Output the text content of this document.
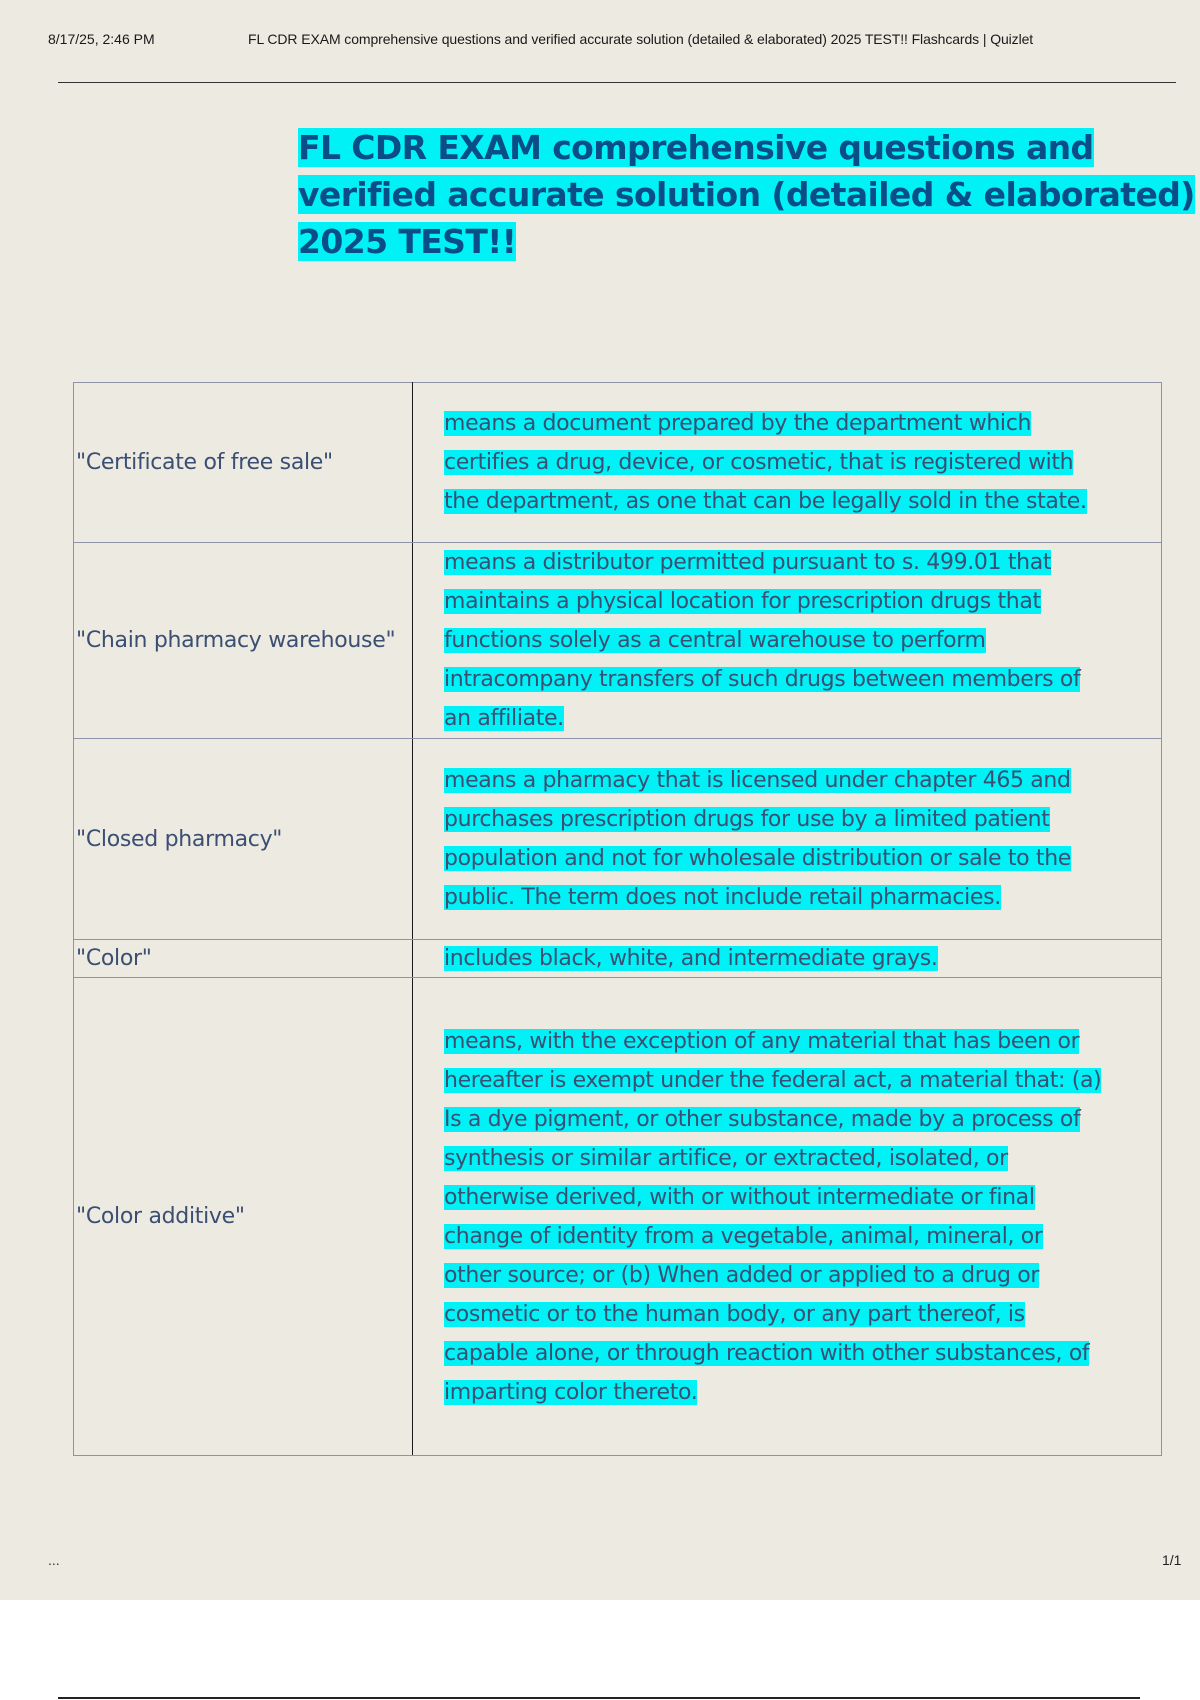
8/17/25, 2:46 PM	FL CDR EXAM comprehensive questions and verified accurate solution (detailed & elaborated) 2025 TEST!! Flashcards | Quizlet
FL CDR EXAM comprehensive questions and verified accurate solution (detailed & elaborated) 2025 TEST!!
"Certificate of free sale"	means a document prepared by the department which certifies a drug, device, or cosmetic, that is registered with the department, as one that can be legally sold in the state.

"Chain pharmacy warehouse"	means a distributor permitted pursuant to s. 499.01 that maintains a physical location for prescription drugs that functions solely as a central warehouse to perform intracompany transfers of such drugs between members of an affiliate.

"Closed pharmacy"	means a pharmacy that is licensed under chapter 465 and purchases prescription drugs for use by a limited patient population and not for wholesale distribution or sale to the public. The term does not include retail pharmacies.

"Color"	includes black, white, and intermediate grays.

"Color additive"	means, with the exception of any material that has been or hereafter is exempt under the federal act, a material that: (a) Is a dye pigment, or other substance, made by a process of synthesis or similar artifice, or extracted, isolated, or otherwise derived, with or without intermediate or final change of identity from a vegetable, animal, mineral, or other source; or (b) When added or applied to a drug or cosmetic or to the human body, or any part thereof, is capable alone, or through reaction with other substances, of imparting color thereto.
...	1/1
